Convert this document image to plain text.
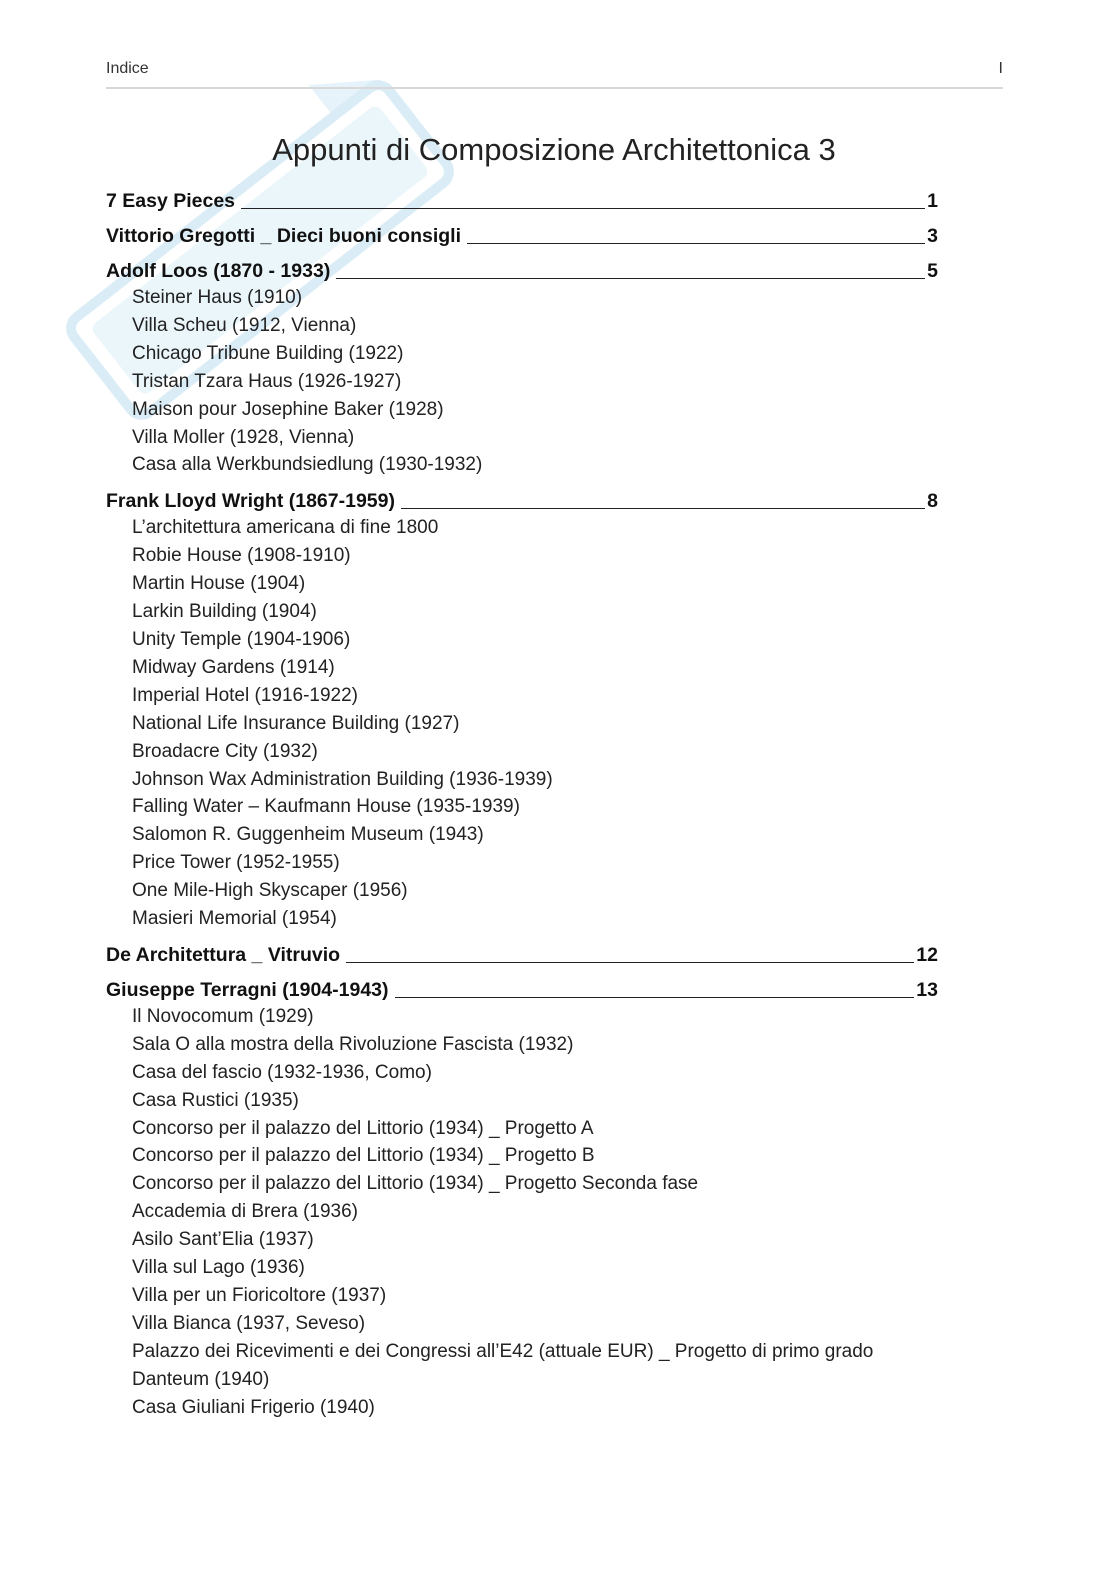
Indice	I
Appunti di Composizione Architettonica 3
7 Easy Pieces	1
Vittorio Gregotti _ Dieci buoni consigli	3
Adolf Loos (1870 - 1933)	5
Steiner Haus (1910)
Villa Scheu (1912, Vienna)
Chicago Tribune Building (1922)
Tristan Tzara Haus (1926-1927)
Maison pour Josephine Baker (1928)
Villa Moller (1928, Vienna)
Casa alla Werkbundsiedlung (1930-1932)
Frank Lloyd Wright (1867-1959)	8
L’architettura americana di fine 1800
Robie House (1908-1910)
Martin House (1904)
Larkin Building (1904)
Unity Temple (1904-1906)
Midway Gardens (1914)
Imperial Hotel (1916-1922)
National Life Insurance Building (1927)
Broadacre City (1932)
Johnson Wax Administration Building (1936-1939)
Falling Water – Kaufmann House (1935-1939)
Salomon R. Guggenheim Museum (1943)
Price Tower (1952-1955)
One Mile-High Skyscaper (1956)
Masieri Memorial (1954)
De Architettura _ Vitruvio	12
Giuseppe Terragni (1904-1943)	13
Il Novocomum (1929)
Sala O alla mostra della Rivoluzione Fascista (1932)
Casa del fascio (1932-1936, Como)
Casa Rustici (1935)
Concorso per il palazzo del Littorio (1934) _ Progetto A
Concorso per il palazzo del Littorio (1934) _ Progetto B
Concorso per il palazzo del Littorio (1934) _ Progetto Seconda fase
Accademia di Brera (1936)
Asilo Sant’Elia (1937)
Villa sul Lago (1936)
Villa per un Fioricoltore (1937)
Villa Bianca (1937, Seveso)
Palazzo dei Ricevimenti e dei Congressi all’E42 (attuale EUR) _ Progetto di primo grado
Danteum (1940)
Casa Giuliani Frigerio (1940)
